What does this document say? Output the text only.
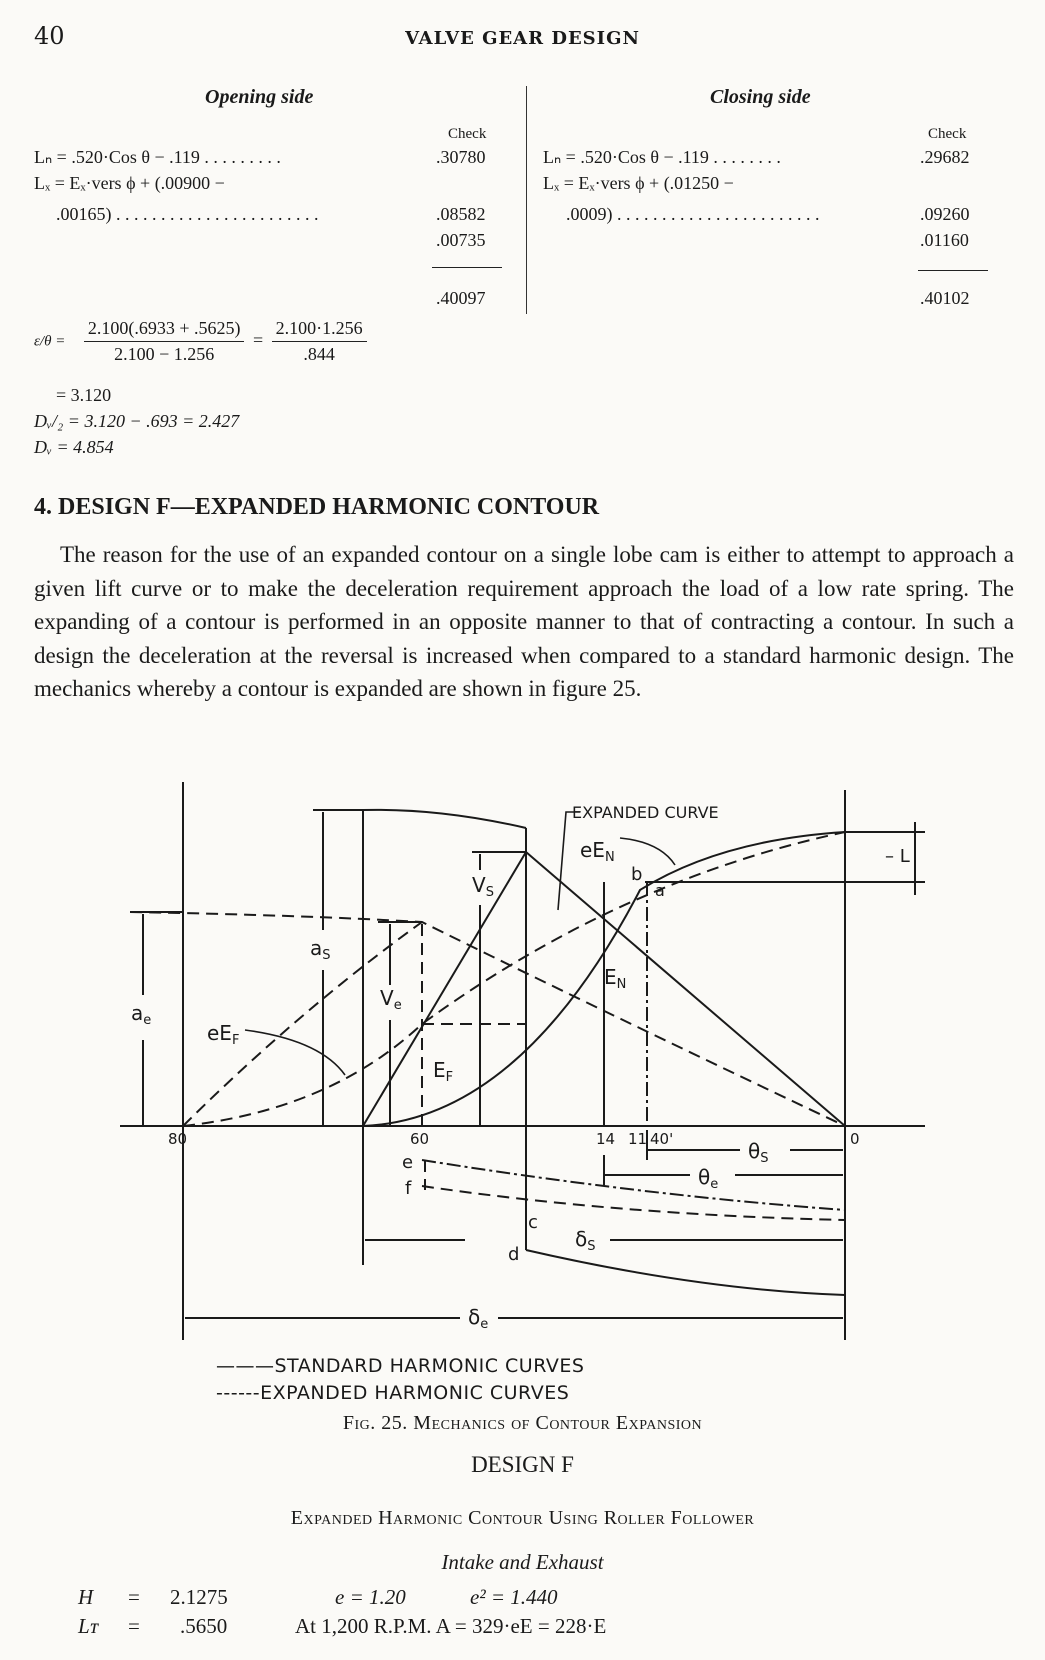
40	VALVE GEAR DESIGN
Opening side	Closing side
Check
Lₙ = .520·Cos θ − .119 . . . . . . . . .	.30780
Lₓ = Eₓ·vers ϕ + (.00900 −
.00165) . . . . . . . . . . . . . . . . . . . . . . .	.08582
.00735
.40097
Check
Lₙ = .520·Cos θ − .119 . . . . . . . .	.29682
Lₓ = Eₓ·vers ϕ + (.01250 −
.0009) . . . . . . . . . . . . . . . . . . . . . . .	.09260
.01160
.40102
$\varepsilon/\theta = \frac{2.100(.6933 + .5625)}{2.100 - 1.256} = \frac{2.100\cdot 1.256}{.844}$
= 3.120
Dᵥ/₂ = 3.120 − .693 = 2.427
Dᵥ = 4.854
4. DESIGN F—EXPANDED HARMONIC CONTOUR
The reason for the use of an expanded contour on a single lobe cam is either to attempt to approach a given lift curve or to make the deceleration requirement approach the load of a low rate spring. The expanding of a contour is performed in an opposite manner to that of contracting a contour. In such a design the deceleration at the reversal is increased when compared to a standard harmonic design. The mechanics whereby a contour is expanded are shown in figure 25.
EXPANDED CURVE
$eE_N$
$E_N$
$eE_F$
$E_F$
$V_S$
$V_e$
$a_S$
$a_e$
– L
a
b
c
d
e
f
$\theta_S$
$\theta_e$
$\delta_S$
$\delta_e$
80	60	14 11 40'	0
———STANDARD HARMONIC CURVES
------EXPANDED HARMONIC CURVES
Fig. 25. Mechanics of Contour Expansion
DESIGN F
Expanded Harmonic Contour Using Roller Follower
Intake and Exhaust
H = 2.1275	e = 1.20	e² = 1.440
Lᴛ = .5650	At 1,200 R.P.M. A = 329·eE = 228·E
